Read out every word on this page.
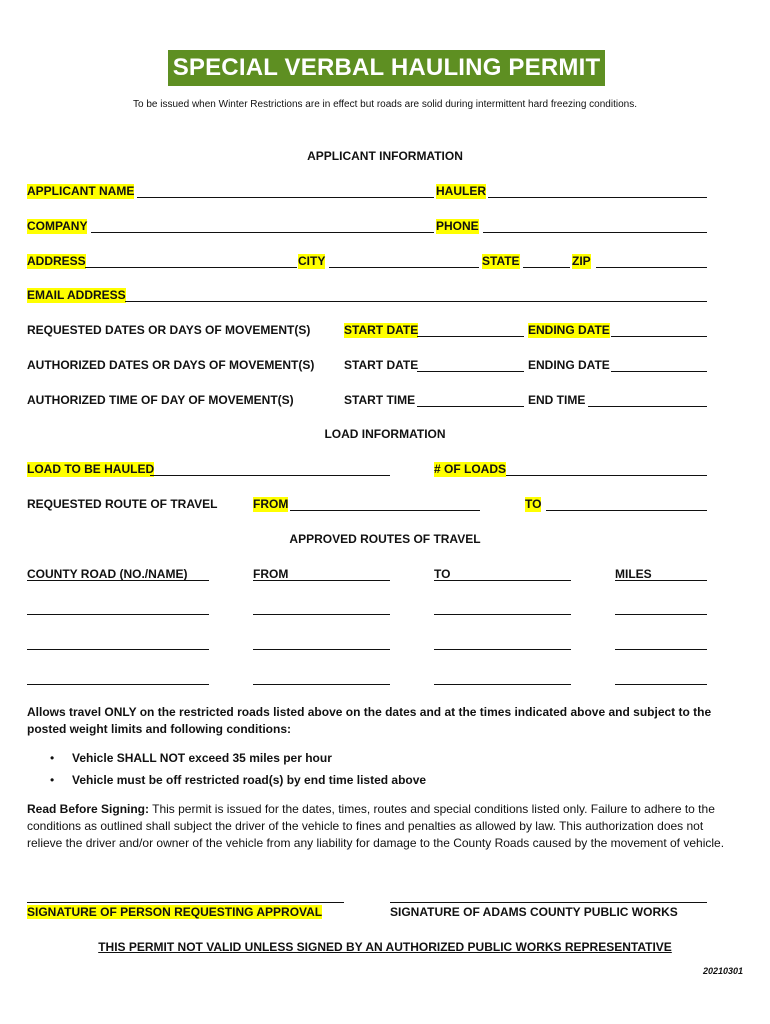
SPECIAL VERBAL HAULING PERMIT
To be issued when Winter Restrictions are in effect but roads are solid during intermittent hard freezing conditions.
APPLICANT INFORMATION
APPLICANT NAME	HAULER
COMPANY	PHONE
ADDRESS	CITY	STATE	ZIP
EMAIL ADDRESS
REQUESTED DATES OR DAYS OF MOVEMENT(S)	START DATE	ENDING DATE
AUTHORIZED DATES OR DAYS OF MOVEMENT(S) START DATE	ENDING DATE
AUTHORIZED TIME OF DAY OF MOVEMENT(S)	START TIME	END TIME
LOAD INFORMATION
LOAD TO BE HAULED	# OF LOADS
REQUESTED ROUTE OF TRAVEL	FROM	TO
APPROVED ROUTES OF TRAVEL
COUNTY ROAD (NO./NAME)	FROM	TO	MILES
Allows travel ONLY on the restricted roads listed above on the dates and at the times indicated above and subject to the posted weight limits and following conditions:
• Vehicle SHALL NOT exceed 35 miles per hour
• Vehicle must be off restricted road(s) by end time listed above
Read Before Signing: This permit is issued for the dates, times, routes and special conditions listed only. Failure to adhere to the conditions as outlined shall subject the driver of the vehicle to fines and penalties as allowed by law. This authorization does not relieve the driver and/or owner of the vehicle from any liability for damage to the County Roads caused by the movement of vehicle.
SIGNATURE OF PERSON REQUESTING APPROVAL	SIGNATURE OF ADAMS COUNTY PUBLIC WORKS
THIS PERMIT NOT VALID UNLESS SIGNED BY AN AUTHORIZED PUBLIC WORKS REPRESENTATIVE
20210301
